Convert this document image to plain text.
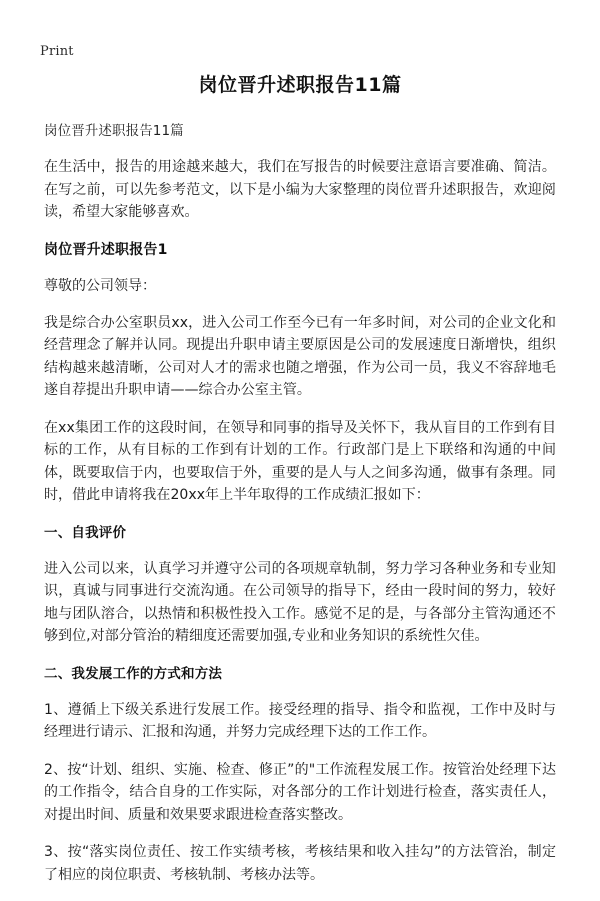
Print
岗位晋升述职报告11篇
岗位晋升述职报告11篇

在生活中，报告的用途越来越大，我们在写报告的时候要注意语言要准确、简洁。在写之前，可以先参考范文，以下是小编为大家整理的岗位晋升述职报告，欢迎阅读，希望大家能够喜欢。

岗位晋升述职报告1

尊敬的公司领导：

我是综合办公室职员xx，进入公司工作至今已有一年多时间，对公司的企业文化和经营理念了解并认同。现提出升职申请主要原因是公司的发展速度日渐增快，组织结构越来越清晰，公司对人才的需求也随之增强，作为公司一员，我义不容辞地毛遂自荐提出升职申请——综合办公室主管。

在xx集团工作的这段时间，在领导和同事的指导及关怀下，我从盲目的工作到有目标的工作，从有目标的工作到有计划的工作。行政部门是上下联络和沟通的中间体，既要取信于内，也要取信于外，重要的是人与人之间多沟通，做事有条理。同时，借此申请将我在20xx年上半年取得的工作成绩汇报如下：

一、自我评价

进入公司以来，认真学习并遵守公司的各项规章轨制，努力学习各种业务和专业知识，真诚与同事进行交流沟通。在公司领导的指导下，经由一段时间的努力，较好地与团队溶合，以热情和积极性投入工作。感觉不足的是，与各部分主管沟通还不够到位,对部分管治的精细度还需要加强,专业和业务知识的系统性欠佳。

二、我发展工作的方式和方法

1、遵循上下级关系进行发展工作。接受经理的指导、指令和监视，工作中及时与经理进行请示、汇报和沟通，并努力完成经理下达的工作工作。

2、按“计划、组织、实施、检查、修正”的"工作流程发展工作。按管治处经理下达的工作指令，结合自身的工作实际，对各部分的工作计划进行检查，落实责任人，对提出时间、质量和效果要求跟进检查落实整改。

3、按“落实岗位责任、按工作实绩考核，考核结果和收入挂勾”的方法管治，制定了相应的岗位职责、考核轨制、考核办法等。
